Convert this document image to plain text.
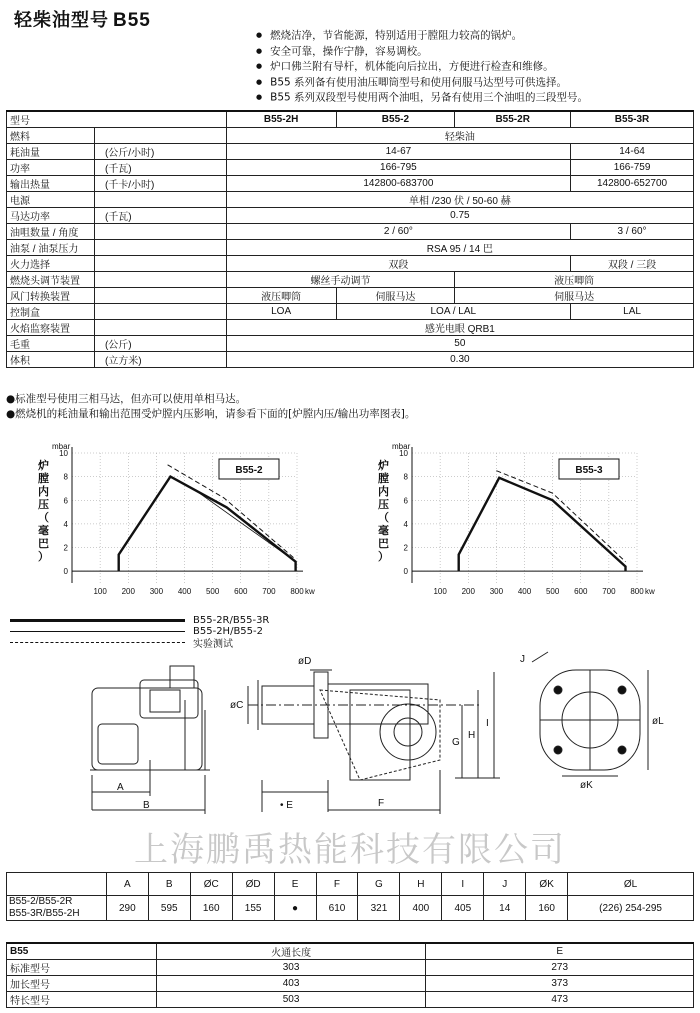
轻柴油型号 B55
● 燃烧洁净，节省能源，特别适用于膛阻力较高的锅炉。
● 安全可靠，操作宁静，容易调校。
● 炉口佛兰附有导杆，机体能向后拉出，方便进行检查和维修。
● B55 系列备有使用油压唧筒型号和使用伺服马达型号可供选择。
● B55 系列双段型号使用两个油咀，另备有使用三个油咀的三段型号。
型号		B55-2H	B55-2	B55-2R	B55-3R
燃料		轻柴油			
耗油量	(公斤/小时)	14-67			14-64
功率	(千瓦)	166-795			166-759
输出热量	(千卡/小时)	142800-683700			142800-652700
电源		单相 /230 伏 / 50-60 赫			
马达功率	(千瓦)	0.75			
油咀数量 / 角度		2 / 60°			3 / 60°
油泵 / 油泵压力		RSA 95 / 14 巴			
火力选择		双段			双段 / 三段
燃烧头调节装置		螺丝手动调节		液压唧筒	
风门转换装置		液压唧筒	伺服马达	伺服马达	
控制盒		LOA	LOA / LAL		LAL
火焰监察装置		感光电眼 QRB1			
毛重	(公斤)	50			
体积	(立方米)	0.30			
●标准型号使用三相马达，但亦可以使用单相马达。
●燃烧机的耗油量和输出范围受炉膛内压影响，请参看下面的[炉膛内压/输出功率图表]。
100 200 300 400 500 600 700 800
0
2
4
6
8
10
mbar
kw
炉
膛
内
压
（
毫
巴
）
B55-2
100 200 300 400 500 600 700 800
0
2
4
6
8
10
mbar
kw
炉
膛
内
压
（
毫
巴
）
B55-3
B55-2R/B55-3R
B55-2H/B55-2
实验测试
A
B
øC
øD
• E	F
G
H
I	øL
øK
J
上海鹏禹热能科技有限公司
	A	B	ØC	ØD	E	F	G	H	I	J	ØK	ØL

B55-2/B55-2R
B55-3R/B55-2H	290	595	160	155	●	610	321	400	405	14	160	(226) 254-295
B55	火通长度	E
标准型号	303	273
加长型号	403	373
特长型号	503	473
